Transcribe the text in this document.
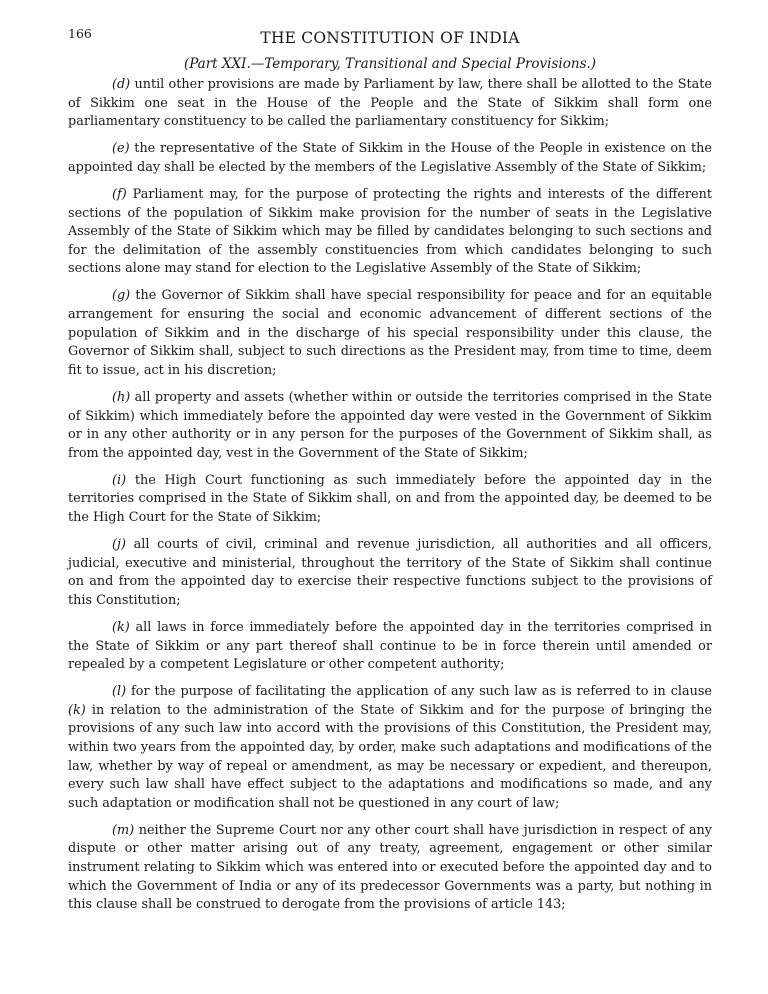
166	THE CONSTITUTION OF INDIA
(Part XXI.—Temporary, Transitional and Special Provisions.)

(d) until other provisions are made by Parliament by law, there shall be allotted to the State of Sikkim one seat in the House of the People and the State of Sikkim shall form one parliamentary constituency to be called the parliamentary constituency for Sikkim;

(e) the representative of the State of Sikkim in the House of the People in existence on the appointed day shall be elected by the members of the Legislative Assembly of the State of Sikkim;

(f) Parliament may, for the purpose of protecting the rights and interests of the different sections of the population of Sikkim make provision for the number of seats in the Legislative Assembly of the State of Sikkim which may be filled by candidates belonging to such sections and for the delimitation of the assembly constituencies from which candidates belonging to such sections alone may stand for election to the Legislative Assembly of the State of Sikkim;

(g) the Governor of Sikkim shall have special responsibility for peace and for an equitable arrangement for ensuring the social and economic advancement of different sections of the population of Sikkim and in the discharge of his special responsibility under this clause, the Governor of Sikkim shall, subject to such directions as the President may, from time to time, deem fit to issue, act in his discretion;

(h) all property and assets (whether within or outside the territories comprised in the State of Sikkim) which immediately before the appointed day were vested in the Government of Sikkim or in any other authority or in any person for the purposes of the Government of Sikkim shall, as from the appointed day, vest in the Government of the State of Sikkim;

(i) the High Court functioning as such immediately before the appointed day in the territories comprised in the State of Sikkim shall, on and from the appointed day, be deemed to be the High Court for the State of Sikkim;

(j) all courts of civil, criminal and revenue jurisdiction, all authorities and all officers, judicial, executive and ministerial, throughout the territory of the State of Sikkim shall continue on and from the appointed day to exercise their respective functions subject to the provisions of this Constitution;

(k) all laws in force immediately before the appointed day in the territories comprised in the State of Sikkim or any part thereof shall continue to be in force therein until amended or repealed by a competent Legislature or other competent authority;

(l) for the purpose of facilitating the application of any such law as is referred to in clause (k) in relation to the administration of the State of Sikkim and for the purpose of bringing the provisions of any such law into accord with the provisions of this Constitution, the President may, within two years from the appointed day, by order, make such adaptations and modifications of the law, whether by way of repeal or amendment, as may be necessary or expedient, and thereupon, every such law shall have effect subject to the adaptations and modifications so made, and any such adaptation or modification shall not be questioned in any court of law;

(m) neither the Supreme Court nor any other court shall have jurisdiction in respect of any dispute or other matter arising out of any treaty, agreement, engagement or other similar instrument relating to Sikkim which was entered into or executed before the appointed day and to which the Government of India or any of its predecessor Governments was a party, but nothing in this clause shall be construed to derogate from the provisions of article 143;
